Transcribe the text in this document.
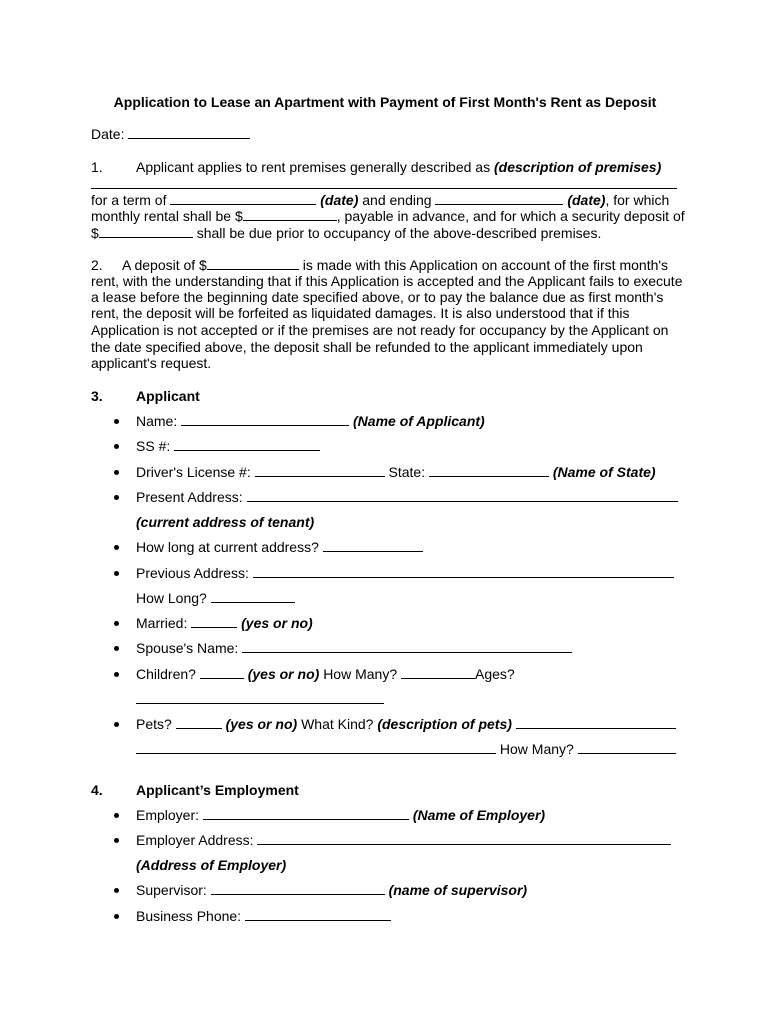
Application to Lease an Apartment with Payment of First Month's Rent as Deposit
Date:
1. Applicant applies to rent premises generally described as (description of premises)
for a term of	(date) and ending	(date), for which
monthly rental shall be $	, payable in advance, and for which a security deposit of
$	shall be due prior to occupancy of the above-described premises.
2. A deposit of $	is made with this Application on account of the first month's
rent, with the understanding that if this Application is accepted and the Applicant fails to execute
a lease before the beginning date specified above, or to pay the balance due as first month's
rent, the deposit will be forfeited as liquidated damages. It is also understood that if this
Application is not accepted or if the premises are not ready for occupancy by the Applicant on
the date specified above, the deposit shall be refunded to the applicant immediately upon
applicant's request.
3. Applicant
Name:	(Name of Applicant)
SS #:
Driver's License #:	State:	(Name of State)
Present Address:
(current address of tenant)
How long at current address?
Previous Address:
How Long?
Married:	(yes or no)
Spouse's Name:
Children?	(yes or no) How Many?	Ages?
Pets?	(yes or no) What Kind? (description of pets)
How Many?
4. Applicant’s Employment
Employer:	(Name of Employer)
Employer Address:
(Address of Employer)
Supervisor:	(name of supervisor)
Business Phone:
